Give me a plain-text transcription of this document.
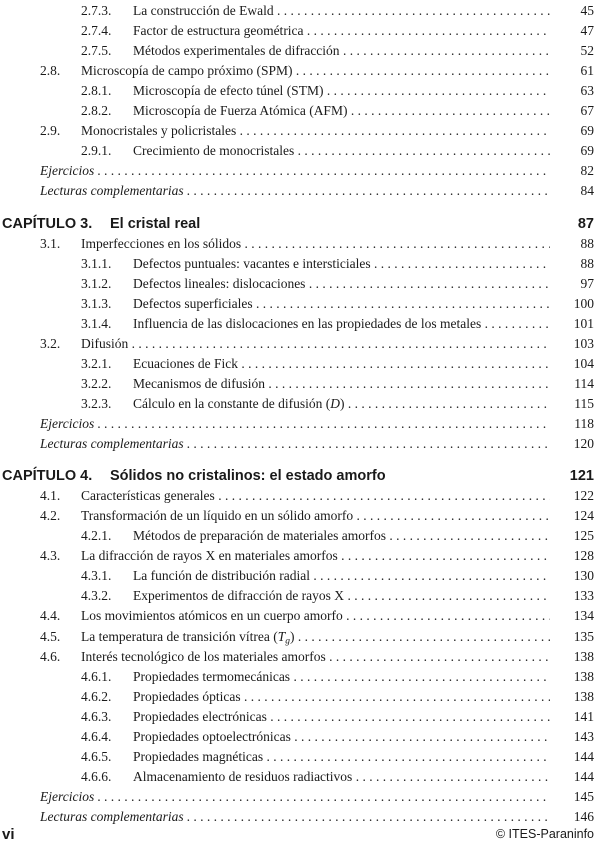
2.7.3. La construcción de Ewald . . .	45
2.7.4. Factor de estructura geométrica . . .	47
2.7.5. Métodos experimentales de difracción . . .	52
2.8. Microscopía de campo próximo (SPM) . . .	61
2.8.1. Microscopía de efecto túnel (STM) . . .	63
2.8.2. Microscopía de Fuerza Atómica (AFM) . . .	67
2.9. Monocristales y policristales . . .	69
2.9.1. Crecimiento de monocristales . . .	69
Ejercicios . . .	82
Lecturas complementarias . . .	84
CAPÍTULO 3. El cristal real	87
3.1. Imperfecciones en los sólidos . . .	88
3.1.1. Defectos puntuales: vacantes e intersticiales . . .	88
3.1.2. Defectos lineales: dislocaciones . . .	97
3.1.3. Defectos superficiales . . .	100
3.1.4. Influencia de las dislocaciones en las propiedades de los metales . . .	101
3.2. Difusión . . .	103
3.2.1. Ecuaciones de Fick . . .	104
3.2.2. Mecanismos de difusión . . .	114
3.2.3. Cálculo en la constante de difusión (D) . . .	115
Ejercicios . . .	118
Lecturas complementarias . . .	120
CAPÍTULO 4. Sólidos no cristalinos: el estado amorfo	121
4.1. Características generales . . .	122
4.2. Transformación de un líquido en un sólido amorfo . . .	124
4.2.1. Métodos de preparación de materiales amorfos . . .	125
4.3. La difracción de rayos X en materiales amorfos . . .	128
4.3.1. La función de distribución radial . . .	130
4.3.2. Experimentos de difracción de rayos X . . .	133
4.4. Los movimientos atómicos en un cuerpo amorfo . . .	134
4.5. La temperatura de transición vítrea $(T_g)$ . . .	135
4.6. Interés tecnológico de los materiales amorfos . . .	138
4.6.1. Propiedades termomecánicas . . .	138
4.6.2. Propiedades ópticas . . .	138
4.6.3. Propiedades electrónicas . . .	141
4.6.4. Propiedades optoelectrónicas . . .	143
4.6.5. Propiedades magnéticas . . .	144
4.6.6. Almacenamiento de residuos radiactivos . . .	144
Ejercicios . . .	145
Lecturas complementarias . . .	146
vi	© ITES-Paraninfo
